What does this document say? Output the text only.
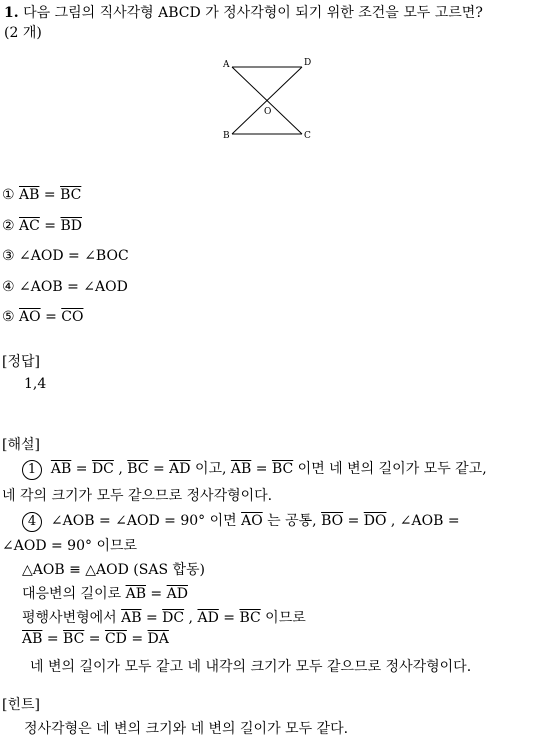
1. 다음 그림의 직사각형 ABCD 가 정사각형이 되기 위한 조건을 모두 고르면?
(2 개)
A	D
O
B	C
① $\overline{AB} = \overline{BC}$
② $\overline{AC} = \overline{BD}$
③ ∠AOD = ∠BOC
④ ∠AOB = ∠AOD
⑤ $\overline{AO} = \overline{CO}$
[정답]
1,4
[해설]
1 $\overline{AB} = \overline{DC}$ , $\overline{BC} = \overline{AD}$ 이고, $\overline{AB} = \overline{BC}$ 이면 네 변의 길이가 모두 같고,
네 각의 크기가 모두 같으므로 정사각형이다.
4 ∠AOB = ∠AOD = 90° 이면 $\overline{AO}$ 는 공통, $\overline{BO} = \overline{DO}$ , ∠AOB =
∠AOD = 90° 이므로
△AOB ≡ △AOD (SAS 합동)
대응변의 길이로 $\overline{AB} = \overline{AD}$
평행사변형에서 $\overline{AB} = \overline{DC}$ , $\overline{AD} = \overline{BC}$ 이므로
$\overline{AB} = \overline{BC} = \overline{CD} = \overline{DA}$
네 변의 길이가 모두 같고 네 내각의 크기가 모두 같으므로 정사각형이다.
[힌트]
정사각형은 네 변의 크기와 네 변의 길이가 모두 같다.
